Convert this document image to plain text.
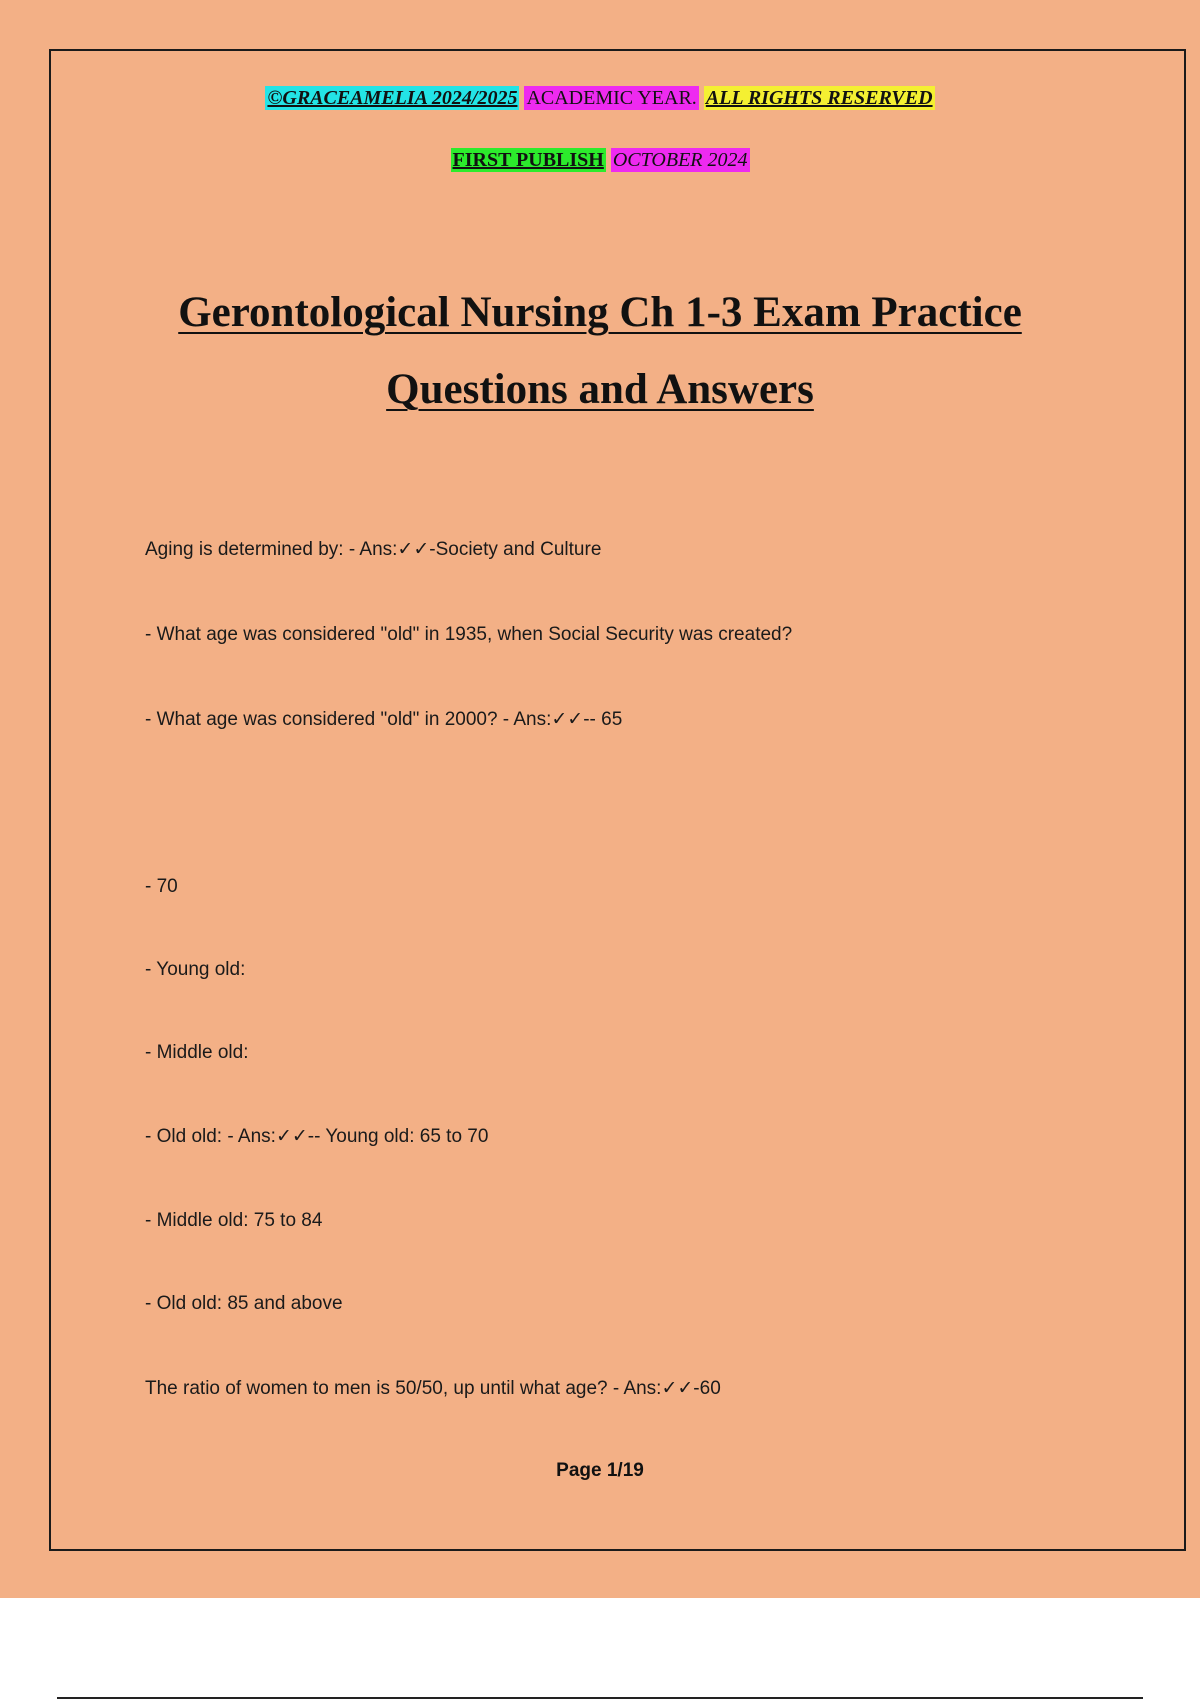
©GRACEAMELIA 2024/2025 ACADEMIC YEAR. ALL RIGHTS RESERVED
FIRST PUBLISH OCTOBER 2024
Gerontological Nursing Ch 1-3 Exam Practice
Questions and Answers
Aging is determined by: - Ans:✓✓-Society and Culture
- What age was considered "old" in 1935, when Social Security was created?
- What age was considered "old" in 2000? - Ans:✓✓-- 65
- 70
- Young old:
- Middle old:
- Old old: - Ans:✓✓-- Young old: 65 to 70
- Middle old: 75 to 84
- Old old: 85 and above
The ratio of women to men is 50/50, up until what age? - Ans:✓✓-60
Page 1/19
